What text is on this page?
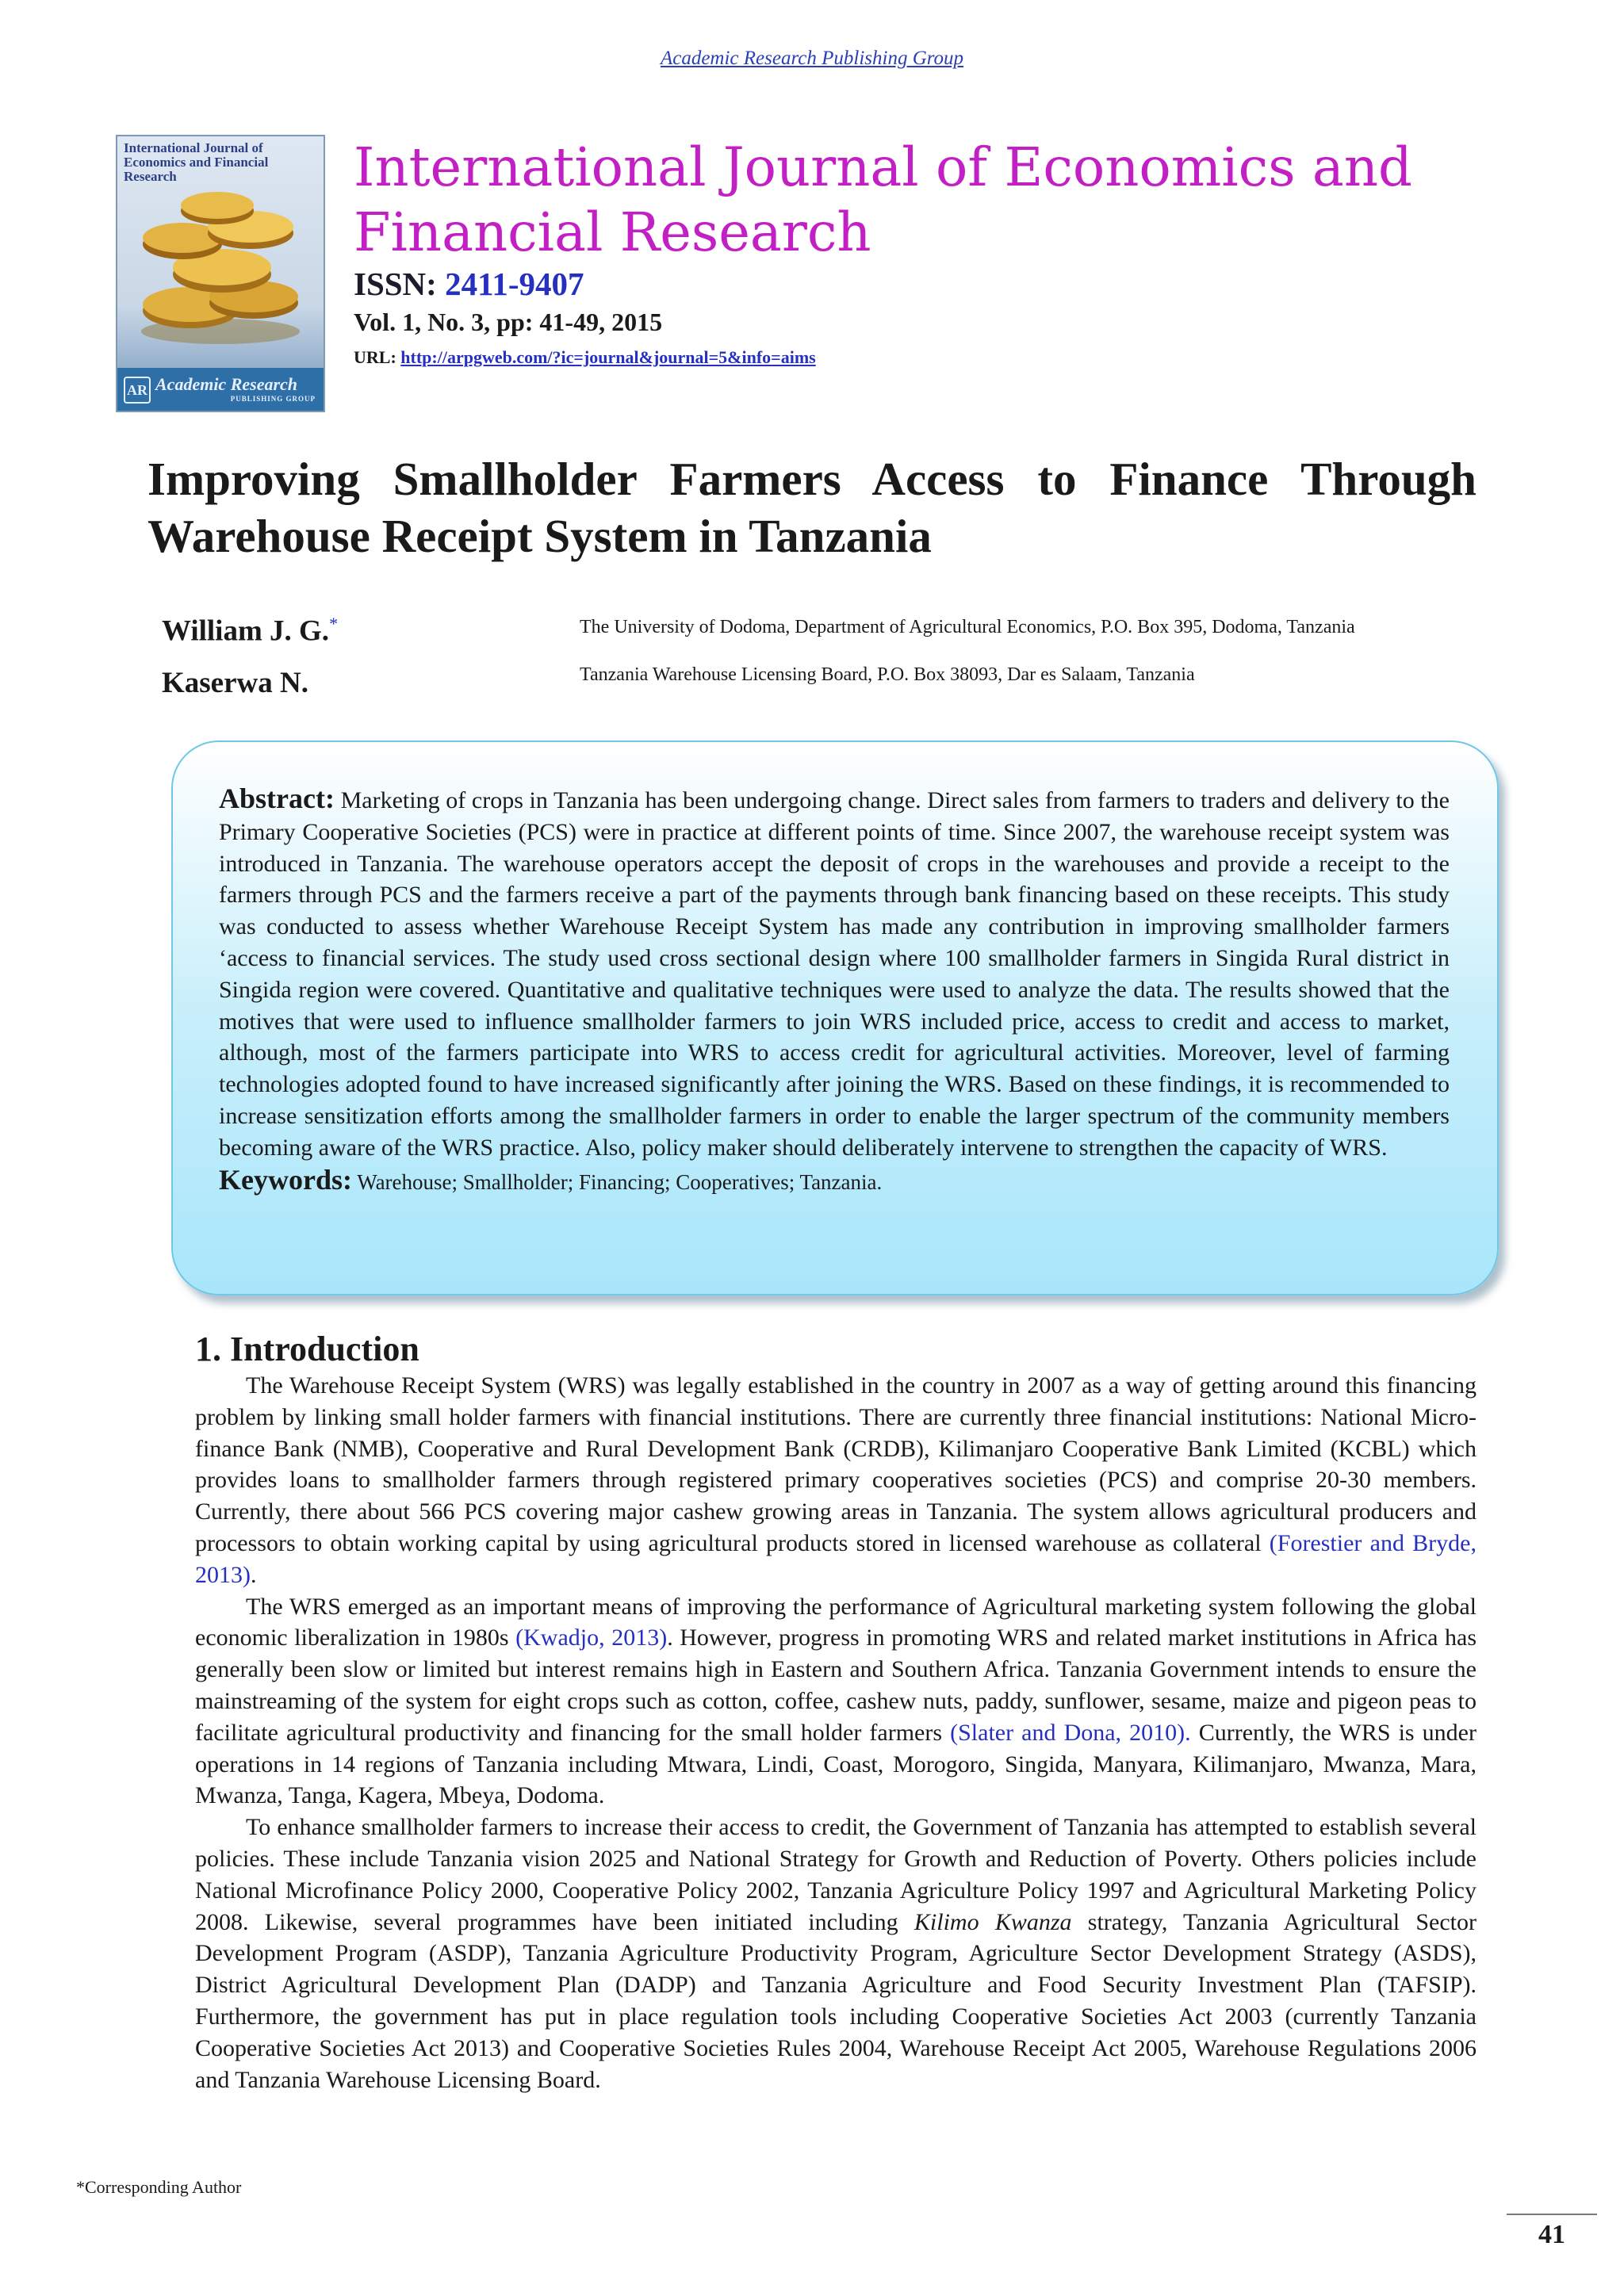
Academic Research Publishing Group
International Journal of Economics and Financial Research
AR Academic Research
PUBLISHING GROUP
International Journal of Economics and Financial Research
ISSN: 2411-9407
Vol. 1, No. 3, pp: 41-49, 2015
URL: http://arpgweb.com/?ic=journal&journal=5&info=aims
Improving Smallholder Farmers Access to Finance Through Warehouse Receipt System in Tanzania
William J. G.*	The University of Dodoma, Department of Agricultural Economics, P.O. Box 395, Dodoma, Tanzania
Kaserwa N.	Tanzania Warehouse Licensing Board, P.O. Box 38093, Dar es Salaam, Tanzania

Abstract: Marketing of crops in Tanzania has been undergoing change. Direct sales from farmers to traders and delivery to the Primary Cooperative Societies (PCS) were in practice at different points of time. Since 2007, the warehouse receipt system was introduced in Tanzania. The warehouse operators accept the deposit of crops in the warehouses and provide a receipt to the farmers through PCS and the farmers receive a part of the payments through bank financing based on these receipts. This study was conducted to assess whether Warehouse Receipt System has made any contribution in improving smallholder farmers ‘access to financial services. The study used cross sectional design where 100 smallholder farmers in Singida Rural district in Singida region were covered. Quantitative and qualitative techniques were used to analyze the data. The results showed that the motives that were used to influence smallholder farmers to join WRS included price, access to credit and access to market, although, most of the farmers participate into WRS to access credit for agricultural activities. Moreover, level of farming technologies adopted found to have increased significantly after joining the WRS. Based on these findings, it is recommended to increase sensitization efforts among the smallholder farmers in order to enable the larger spectrum of the community members becoming aware of the WRS practice. Also, policy maker should deliberately intervene to strengthen the capacity of WRS.

Keywords: Warehouse; Smallholder; Financing; Cooperatives; Tanzania.
1. Introduction

The Warehouse Receipt System (WRS) was legally established in the country in 2007 as a way of getting around this financing problem by linking small holder farmers with financial institutions. There are currently three financial institutions: National Micro-finance Bank (NMB), Cooperative and Rural Development Bank (CRDB), Kilimanjaro Cooperative Bank Limited (KCBL) which provides loans to smallholder farmers through registered primary cooperatives societies (PCS) and comprise 20-30 members. Currently, there about 566 PCS covering major cashew growing areas in Tanzania. The system allows agricultural producers and processors to obtain working capital by using agricultural products stored in licensed warehouse as collateral (Forestier and Bryde, 2013).

The WRS emerged as an important means of improving the performance of Agricultural marketing system following the global economic liberalization in 1980s (Kwadjo, 2013). However, progress in promoting WRS and related market institutions in Africa has generally been slow or limited but interest remains high in Eastern and Southern Africa. Tanzania Government intends to ensure the mainstreaming of the system for eight crops such as cotton, coffee, cashew nuts, paddy, sunflower, sesame, maize and pigeon peas to facilitate agricultural productivity and financing for the small holder farmers (Slater and Dona, 2010). Currently, the WRS is under operations in 14 regions of Tanzania including Mtwara, Lindi, Coast, Morogoro, Singida, Manyara, Kilimanjaro, Mwanza, Mara, Mwanza, Tanga, Kagera, Mbeya, Dodoma.

To enhance smallholder farmers to increase their access to credit, the Government of Tanzania has attempted to establish several policies. These include Tanzania vision 2025 and National Strategy for Growth and Reduction of Poverty. Others policies include National Microfinance Policy 2000, Cooperative Policy 2002, Tanzania Agriculture Policy 1997 and Agricultural Marketing Policy 2008. Likewise, several programmes have been initiated including Kilimo Kwanza strategy, Tanzania Agricultural Sector Development Program (ASDP), Tanzania Agriculture Productivity Program, Agriculture Sector Development Strategy (ASDS), District Agricultural Development Plan (DADP) and Tanzania Agriculture and Food Security Investment Plan (TAFSIP). Furthermore, the government has put in place regulation tools including Cooperative Societies Act 2003 (currently Tanzania Cooperative Societies Act 2013) and Cooperative Societies Rules 2004, Warehouse Receipt Act 2005, Warehouse Regulations 2006 and Tanzania Warehouse Licensing Board.

*Corresponding Author
41
